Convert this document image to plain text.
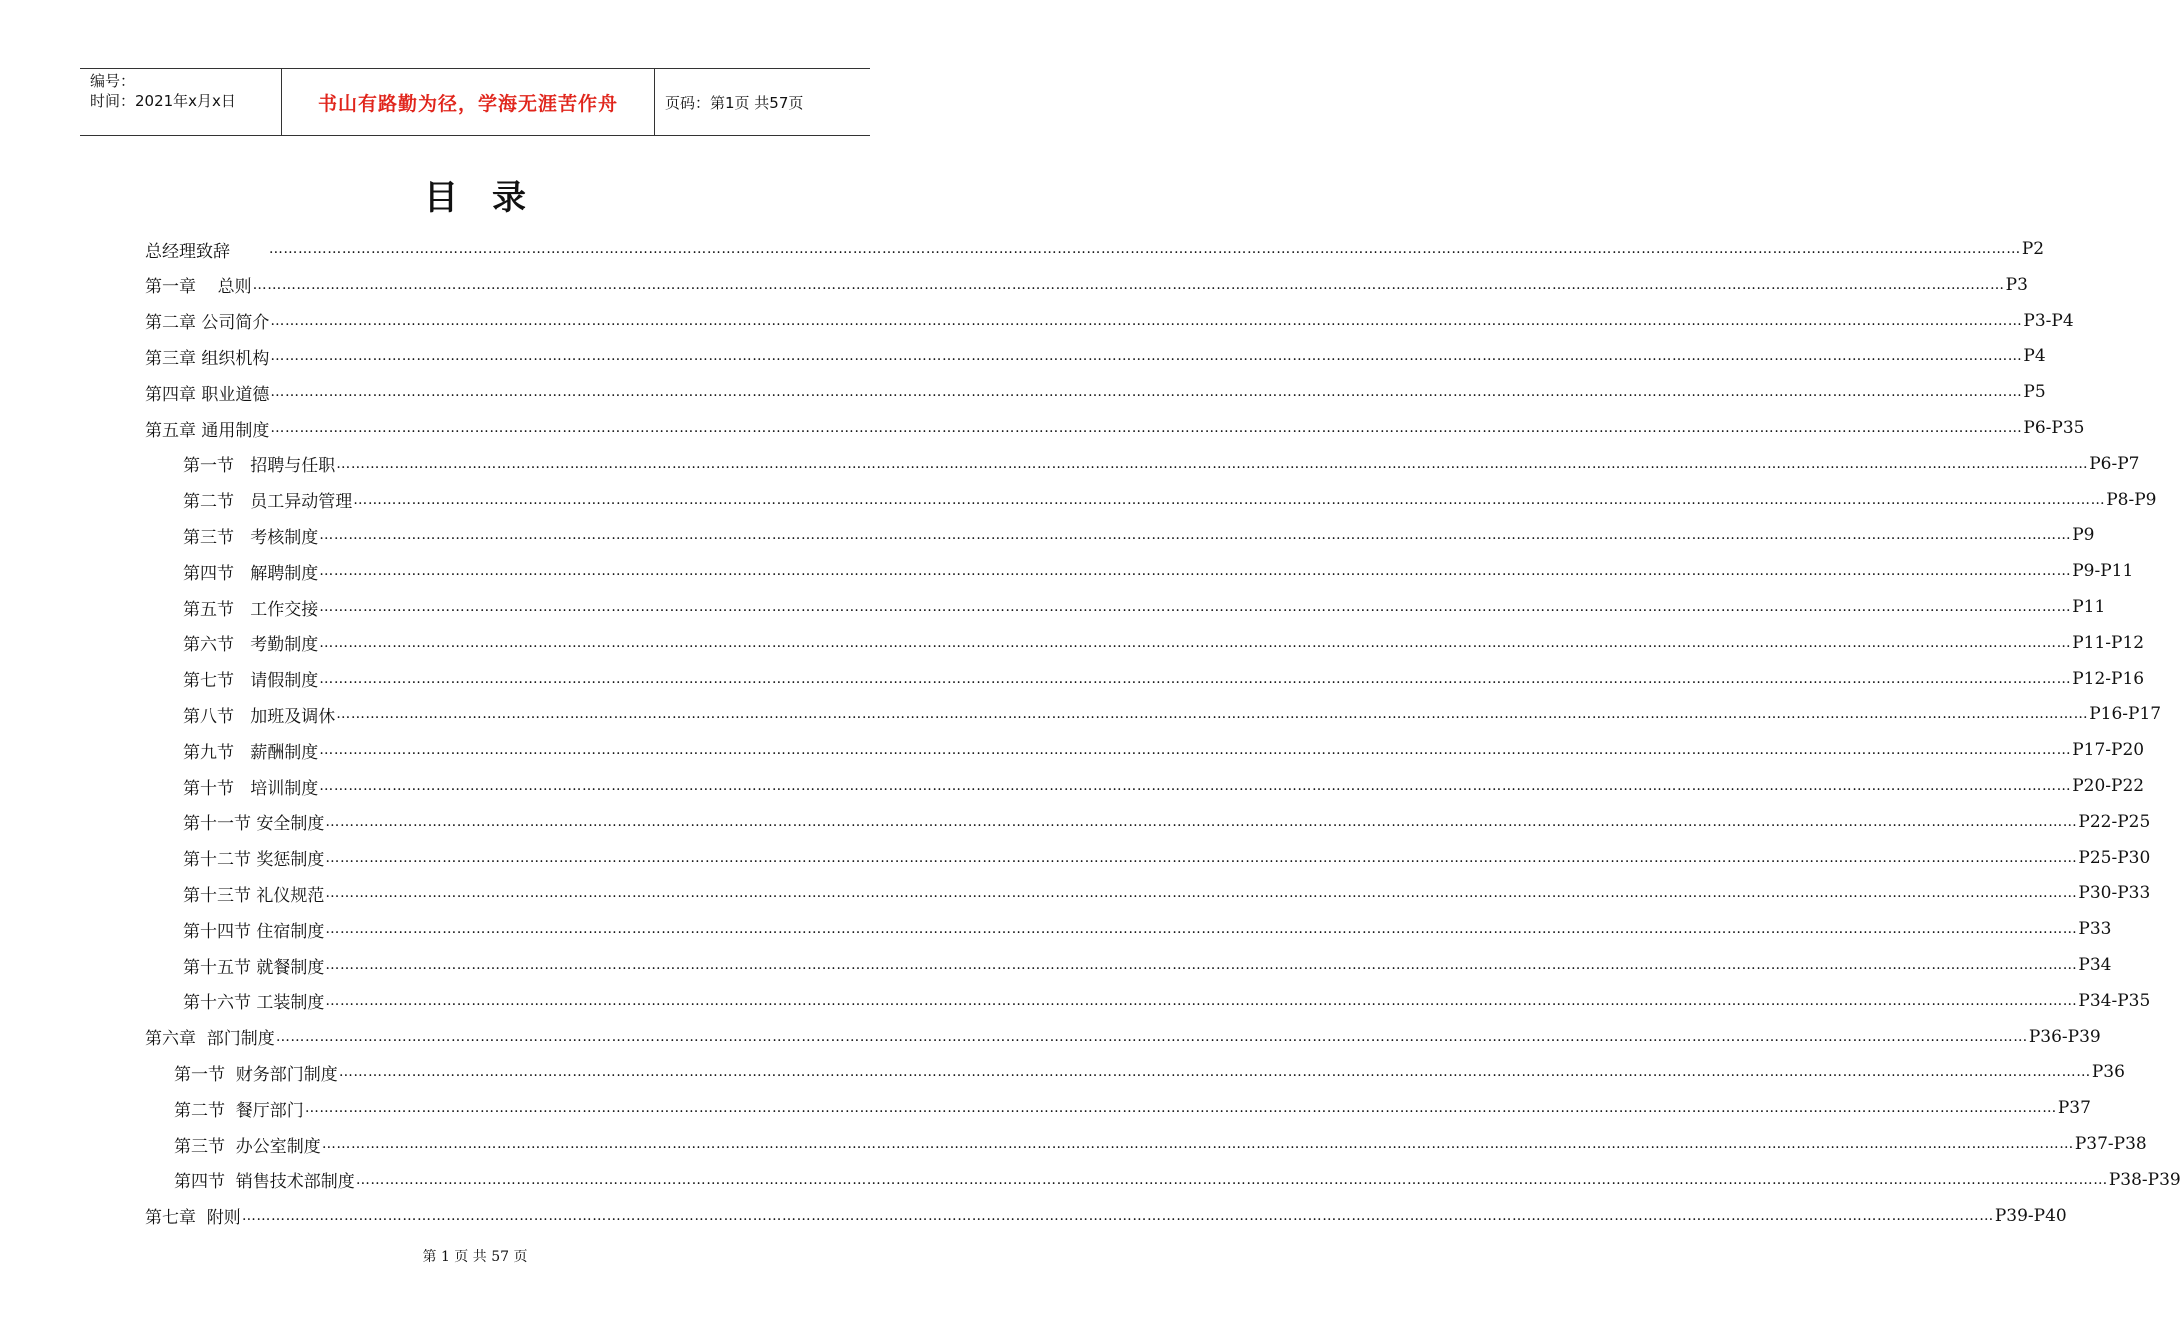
编号：
时间：2021年x月x日	书山有路勤为径，学海无涯苦作舟	页码：第1页 共57页
目录
总经理致辞 ……………………………………………………………………………………………………………………………………………………………………………………………………………………………………………………………………………………………………………………………… P2
第一章    总则 ……………………………………………………………………………………………………………………………………………………………………………………………………………………………………………………………………………………………………………………………… P3
第二章 公司简介 ……………………………………………………………………………………………………………………………………………………………………………………………………………………………………………………………………………………………………………………………… P3-P4
第三章 组织机构 ……………………………………………………………………………………………………………………………………………………………………………………………………………………………………………………………………………………………………………………………… P4
第四章 职业道德 ……………………………………………………………………………………………………………………………………………………………………………………………………………………………………………………………………………………………………………………………… P5
第五章 通用制度 ……………………………………………………………………………………………………………………………………………………………………………………………………………………………………………………………………………………………………………………………… P6-P35
第一节   招聘与任职 ……………………………………………………………………………………………………………………………………………………………………………………………………………………………………………………………………………………………………………………………… P6-P7
第二节   员工异动管理 ……………………………………………………………………………………………………………………………………………………………………………………………………………………………………………………………………………………………………………………………… P8-P9
第三节   考核制度 ……………………………………………………………………………………………………………………………………………………………………………………………………………………………………………………………………………………………………………………………… P9
第四节   解聘制度 ……………………………………………………………………………………………………………………………………………………………………………………………………………………………………………………………………………………………………………………………… P9-P11
第五节   工作交接 ……………………………………………………………………………………………………………………………………………………………………………………………………………………………………………………………………………………………………………………………… P11
第六节   考勤制度 ……………………………………………………………………………………………………………………………………………………………………………………………………………………………………………………………………………………………………………………………… P11-P12
第七节   请假制度 ……………………………………………………………………………………………………………………………………………………………………………………………………………………………………………………………………………………………………………………………… P12-P16
第八节   加班及调休 ……………………………………………………………………………………………………………………………………………………………………………………………………………………………………………………………………………………………………………………………… P16-P17
第九节   薪酬制度 ……………………………………………………………………………………………………………………………………………………………………………………………………………………………………………………………………………………………………………………………… P17-P20
第十节   培训制度 ……………………………………………………………………………………………………………………………………………………………………………………………………………………………………………………………………………………………………………………………… P20-P22
第十一节 安全制度 ……………………………………………………………………………………………………………………………………………………………………………………………………………………………………………………………………………………………………………………………… P22-P25
第十二节 奖惩制度 ……………………………………………………………………………………………………………………………………………………………………………………………………………………………………………………………………………………………………………………………… P25-P30
第十三节 礼仪规范 ……………………………………………………………………………………………………………………………………………………………………………………………………………………………………………………………………………………………………………………………… P30-P33
第十四节 住宿制度 ……………………………………………………………………………………………………………………………………………………………………………………………………………………………………………………………………………………………………………………………… P33
第十五节 就餐制度 ……………………………………………………………………………………………………………………………………………………………………………………………………………………………………………………………………………………………………………………………… P34
第十六节 工装制度 ……………………………………………………………………………………………………………………………………………………………………………………………………………………………………………………………………………………………………………………………… P34-P35
第六章  部门制度 ……………………………………………………………………………………………………………………………………………………………………………………………………………………………………………………………………………………………………………………………… P36-P39
第一节  财务部门制度 ……………………………………………………………………………………………………………………………………………………………………………………………………………………………………………………………………………………………………………………………… P36
第二节  餐厅部门 ……………………………………………………………………………………………………………………………………………………………………………………………………………………………………………………………………………………………………………………………… P37
第三节  办公室制度 ……………………………………………………………………………………………………………………………………………………………………………………………………………………………………………………………………………………………………………………………… P37-P38
第四节  销售技术部制度 ……………………………………………………………………………………………………………………………………………………………………………………………………………………………………………………………………………………………………………………………… P38-P39
第七章  附则 ……………………………………………………………………………………………………………………………………………………………………………………………………………………………………………………………………………………………………………………………… P39-P40
第 1 页 共 57 页
